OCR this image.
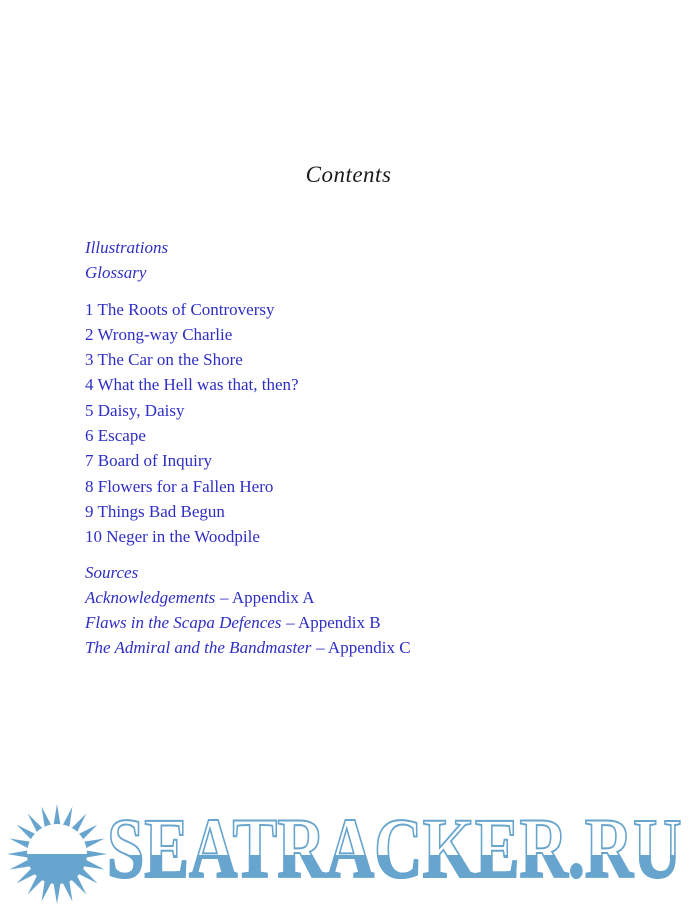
Contents
Illustrations
Glossary
1 The Roots of Controversy
2 Wrong-way Charlie
3 The Car on the Shore
4 What the Hell was that, then?
5 Daisy, Daisy
6 Escape
7 Board of Inquiry
8 Flowers for a Fallen Hero
9 Things Bad Begun
10 Neger in the Woodpile
Sources
Acknowledgements – Appendix A
Flaws in the Scapa Defences – Appendix B
The Admiral and the Bandmaster – Appendix C
SEATRACKER.RU
